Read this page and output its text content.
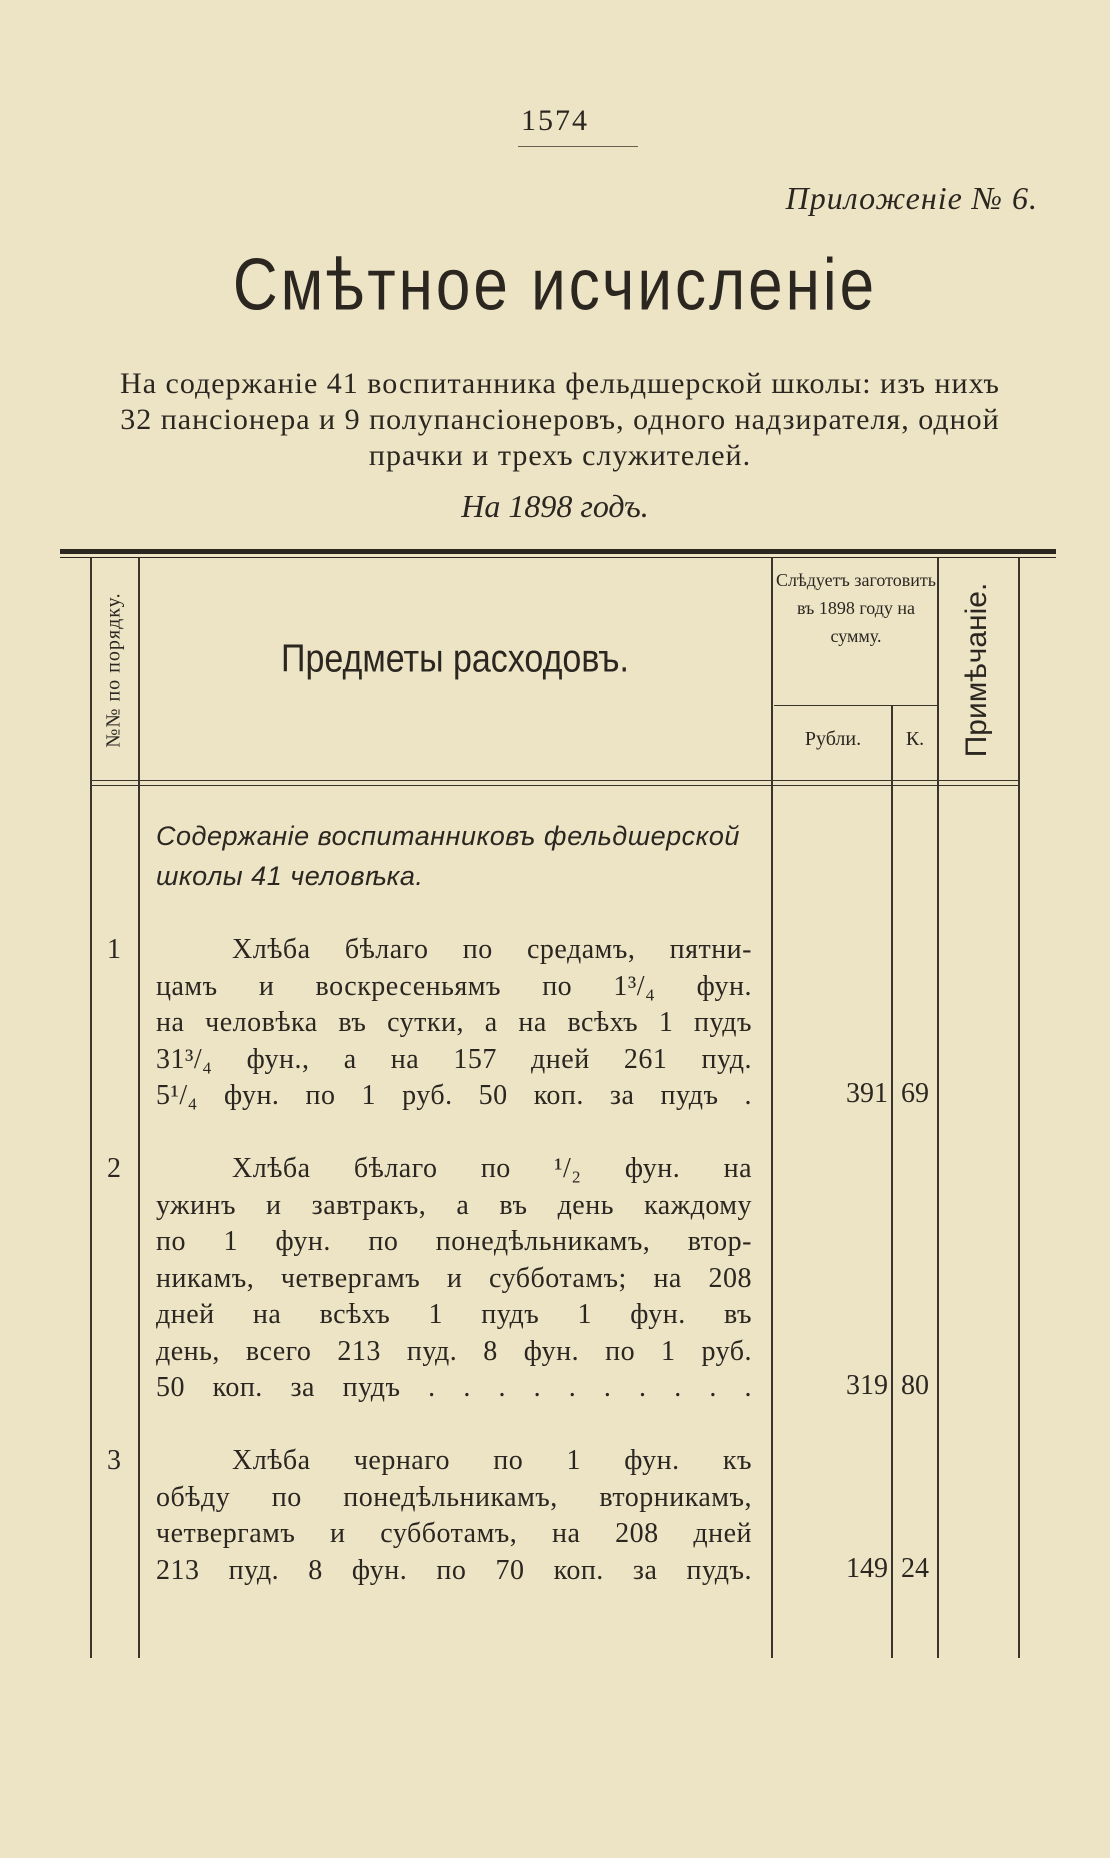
1574
Приложенiе № 6.
Смѣтное исчисленiе
На содержанiе 41 воспитанника фельдшерской школы: изъ нихъ 32 пансiонера и 9 полупансiонеровъ, одного надзирателя, одной прачки и трехъ служителей.
На 1898 годъ.
№№ по порядку.	Предметы расходовъ.
Слѣдуетъ заготовить въ 1898 году на сумму.
Рубли.	К.	Примѣчанiе.
Содержанiе воспитанниковъ фельдшерской школы 41 человѣка.
1	Хлѣба бѣлаго по средамъ, пятни-
цамъ и воскресеньямъ по 1³/₄ фун.
на человѣка въ сутки, а на всѣхъ 1 пудъ
31³/₄ фун., а на 157 дней 261 пуд.
5¹/₄ фун. по 1 руб. 50 коп. за пудъ .	391 69
2	Хлѣба бѣлаго по ¹/₂ фун. на
ужинъ и завтракъ, а въ день каждому
по 1 фун. по понедѣльникамъ, втор-
никамъ, четвергамъ и субботамъ; на 208
дней на всѣхъ 1 пудъ 1 фун. въ
день, всего 213 пуд. 8 фун. по 1 руб.
50 коп. за пудъ . . . . . . . . . .	319 80
3	Хлѣба чернаго по 1 фун. къ
обѣду по понедѣльникамъ, вторникамъ,
четвергамъ и субботамъ, на 208 дней
213 пуд. 8 фун. по 70 коп. за пудъ.	149 24
